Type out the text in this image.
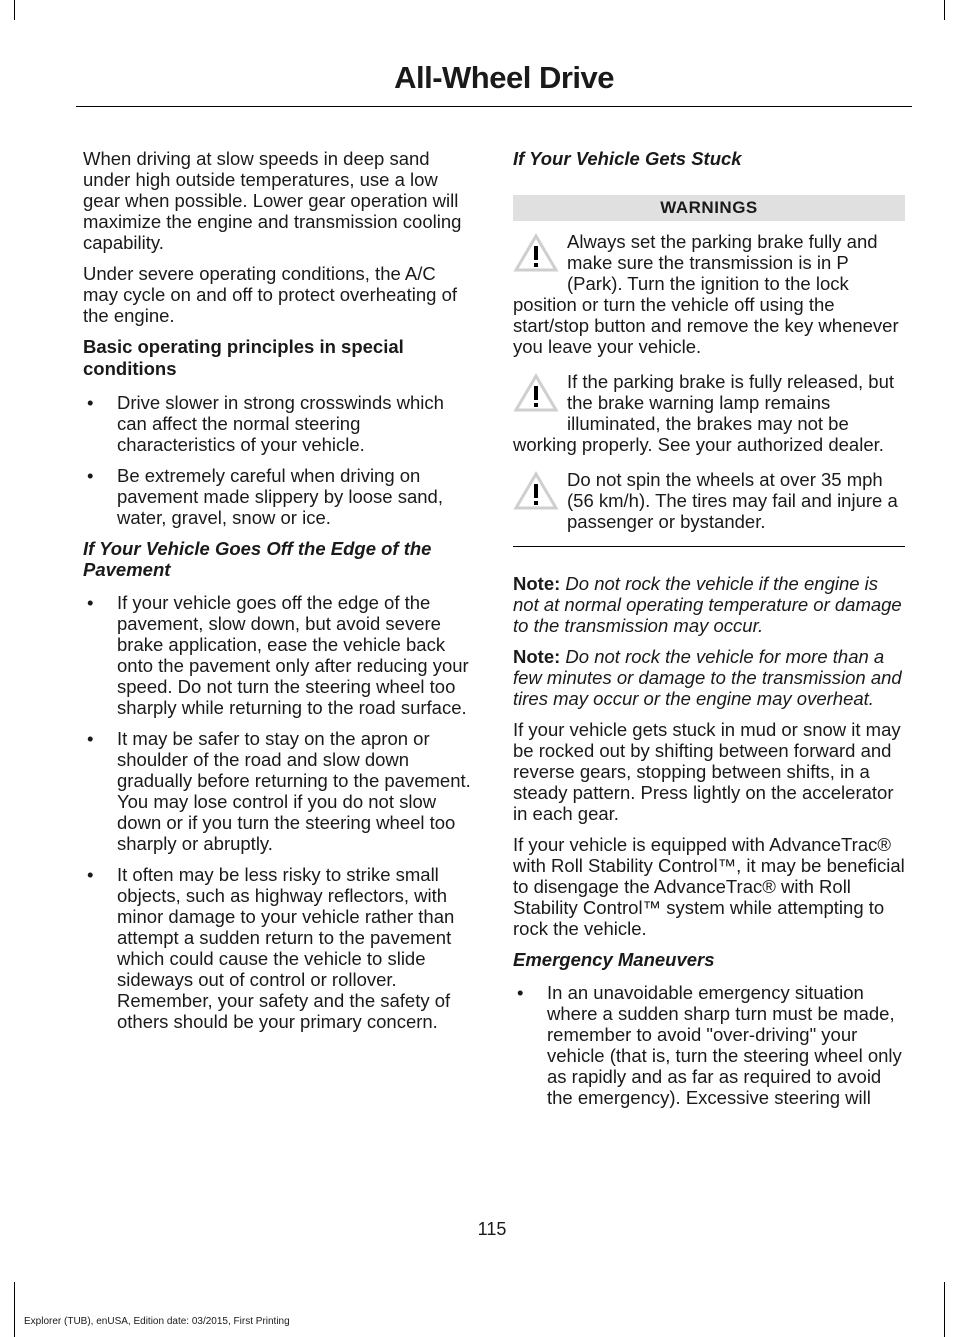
All-Wheel Drive

When driving at slow speeds in deep sand under high outside temperatures, use a low gear when possible. Lower gear operation will maximize the engine and transmission cooling capability.

Under severe operating conditions, the A/C may cycle on and off to protect overheating of the engine.

Basic operating principles in special conditions
• Drive slower in strong crosswinds which can affect the normal steering characteristics of your vehicle.
• Be extremely careful when driving on pavement made slippery by loose sand, water, gravel, snow or ice.
If Your Vehicle Goes Off the Edge of the Pavement
• If your vehicle goes off the edge of the pavement, slow down, but avoid severe brake application, ease the vehicle back onto the pavement only after reducing your speed. Do not turn the steering wheel too sharply while returning to the road surface.
• It may be safer to stay on the apron or shoulder of the road and slow down gradually before returning to the pavement. You may lose control if you do not slow down or if you turn the steering wheel too sharply or abruptly.
• It often may be less risky to strike small objects, such as highway reflectors, with minor damage to your vehicle rather than attempt a sudden return to the pavement which could cause the vehicle to slide sideways out of control or rollover. Remember, your safety and the safety of others should be your primary concern.
If Your Vehicle Gets Stuck
WARNINGS
Always set the parking brake fully and make sure the transmission is in P (Park). Turn the ignition to the lock position or turn the vehicle off using the start/stop button and remove the key whenever you leave your vehicle.
If the parking brake is fully released, but the brake warning lamp remains illuminated, the brakes may not be working properly. See your authorized dealer.
Do not spin the wheels at over 35 mph (56 km/h). The tires may fail and injure a passenger or bystander.

Note: Do not rock the vehicle if the engine is not at normal operating temperature or damage to the transmission may occur.

Note: Do not rock the vehicle for more than a few minutes or damage to the transmission and tires may occur or the engine may overheat.

If your vehicle gets stuck in mud or snow it may be rocked out by shifting between forward and reverse gears, stopping between shifts, in a steady pattern. Press lightly on the accelerator in each gear.

If your vehicle is equipped with AdvanceTrac® with Roll Stability Control™, it may be beneficial to disengage the AdvanceTrac® with Roll Stability Control™ system while attempting to rock the vehicle.

Emergency Maneuvers
• In an unavoidable emergency situation where a sudden sharp turn must be made, remember to avoid "over-driving" your vehicle (that is, turn the steering wheel only as rapidly and as far as required to avoid the emergency). Excessive steering will
115
Explorer (TUB), enUSA, Edition date: 03/2015, First Printing
